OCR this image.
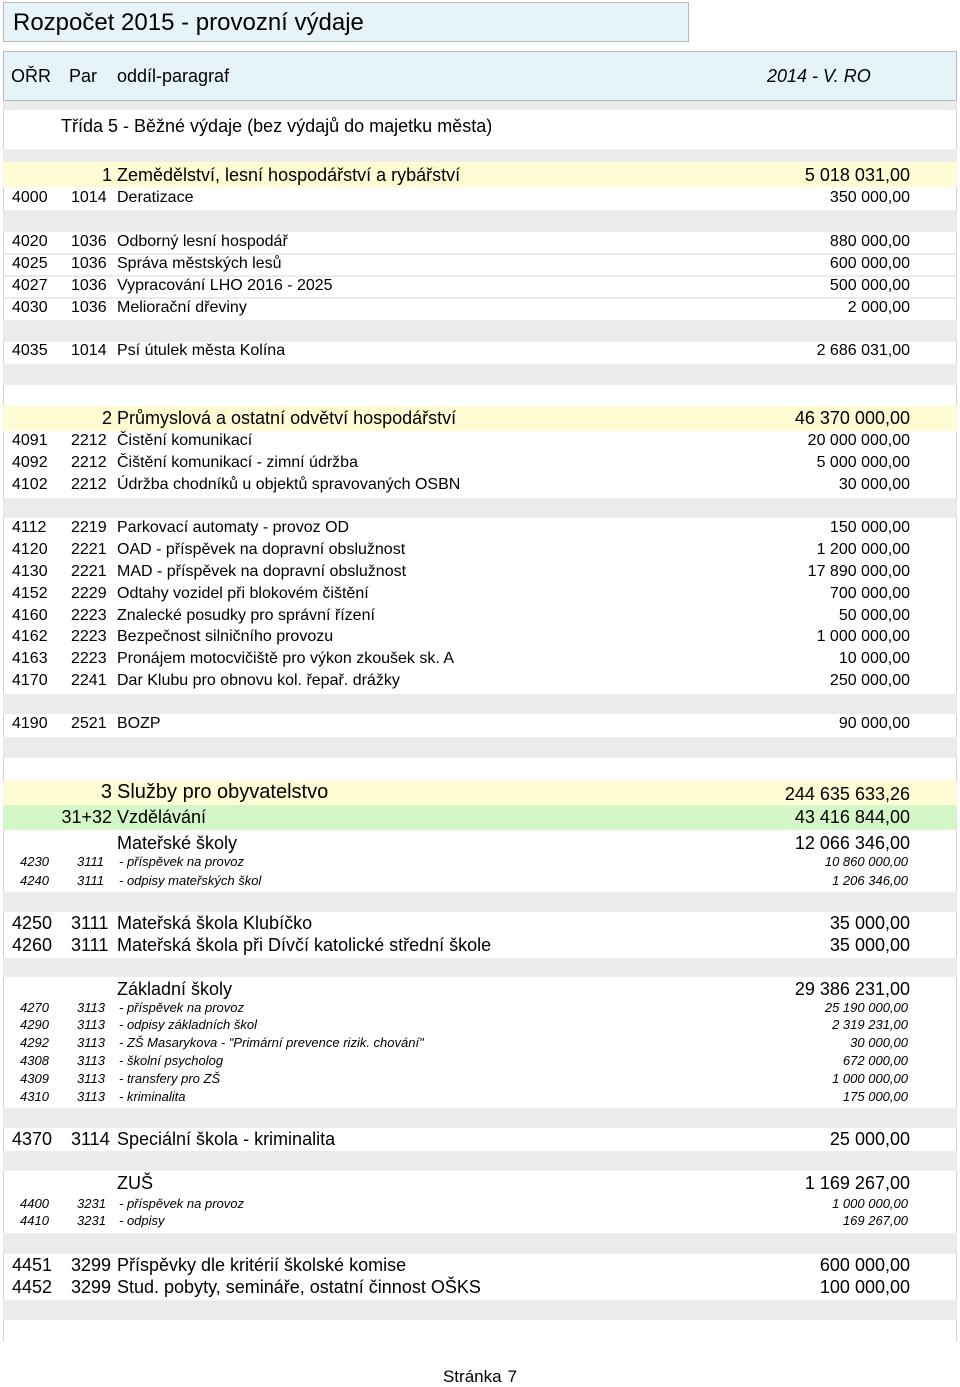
Rozpočet 2015 - provozní výdaje
OŘR Par oddíl-paragraf	2014 - V. RO
Třída 5 - Běžné výdaje (bez výdajů do majetku města)
1 Zemědělství, lesní hospodářství a rybářství	5 018 031,00
4000 1014 Deratizace	350 000,00
4020 1036 Odborný lesní hospodář	880 000,00
4025 1036 Správa městských lesů	600 000,00
4027 1036 Vypracování LHO 2016 - 2025	500 000,00
4030 1036 Meliorační dřeviny	2 000,00
4035 1014 Psí útulek města Kolína	2 686 031,00
2 Průmyslová a ostatní odvětví hospodářství	46 370 000,00
4091 2212 Čistění komunikací	20 000 000,00
4092 2212 Čištění komunikací - zimní údržba	5 000 000,00
4102 2212 Údržba chodníků u objektů spravovaných OSBN	30 000,00
4112 2219 Parkovací automaty - provoz OD	150 000,00
4120 2221 OAD - příspěvek na dopravní obslužnost	1 200 000,00
4130 2221 MAD - příspěvek na dopravní obslužnost	17 890 000,00
4152 2229 Odtahy vozidel při blokovém čištění	700 000,00
4160 2223 Znalecké posudky pro správní řízení	50 000,00
4162 2223 Bezpečnost silničního provozu	1 000 000,00
4163 2223 Pronájem motocvičiště pro výkon zkoušek sk. A	10 000,00
4170 2241 Dar Klubu pro obnovu kol. řepař. drážky	250 000,00
4190 2521 BOZP	90 000,00
3 Služby pro obyvatelstvo	244 635 633,26
31+32 Vzdělávání	43 416 844,00
Mateřské školy	12 066 346,00
4230 3111 - příspěvek na provoz	10 860 000,00
4240 3111 - odpisy mateřských škol	1 206 346,00
4250 3111 Mateřská škola Klubíčko	35 000,00
4260 3111 Mateřská škola při Dívčí katolické střední škole	35 000,00
Základní školy	29 386 231,00
4270 3113 - příspěvek na provoz	25 190 000,00
4290 3113 - odpisy základních škol	2 319 231,00
4292 3113 - ZŠ Masarykova - "Primární prevence rizik. chování"	30 000,00
4308 3113 - školní psycholog	672 000,00
4309 3113 - transfery pro ZŠ	1 000 000,00
4310 3113 - kriminalita	175 000,00
4370 3114 Speciální škola - kriminalita	25 000,00
ZUŠ	1 169 267,00
4400 3231 - příspěvek na provoz	1 000 000,00
4410 3231 - odpisy	169 267,00
4451 3299 Příspěvky dle kritérií školské komise	600 000,00
4452 3299 Stud. pobyty, semináře, ostatní činnost OŠKS	100 000,00
Stránka 7
